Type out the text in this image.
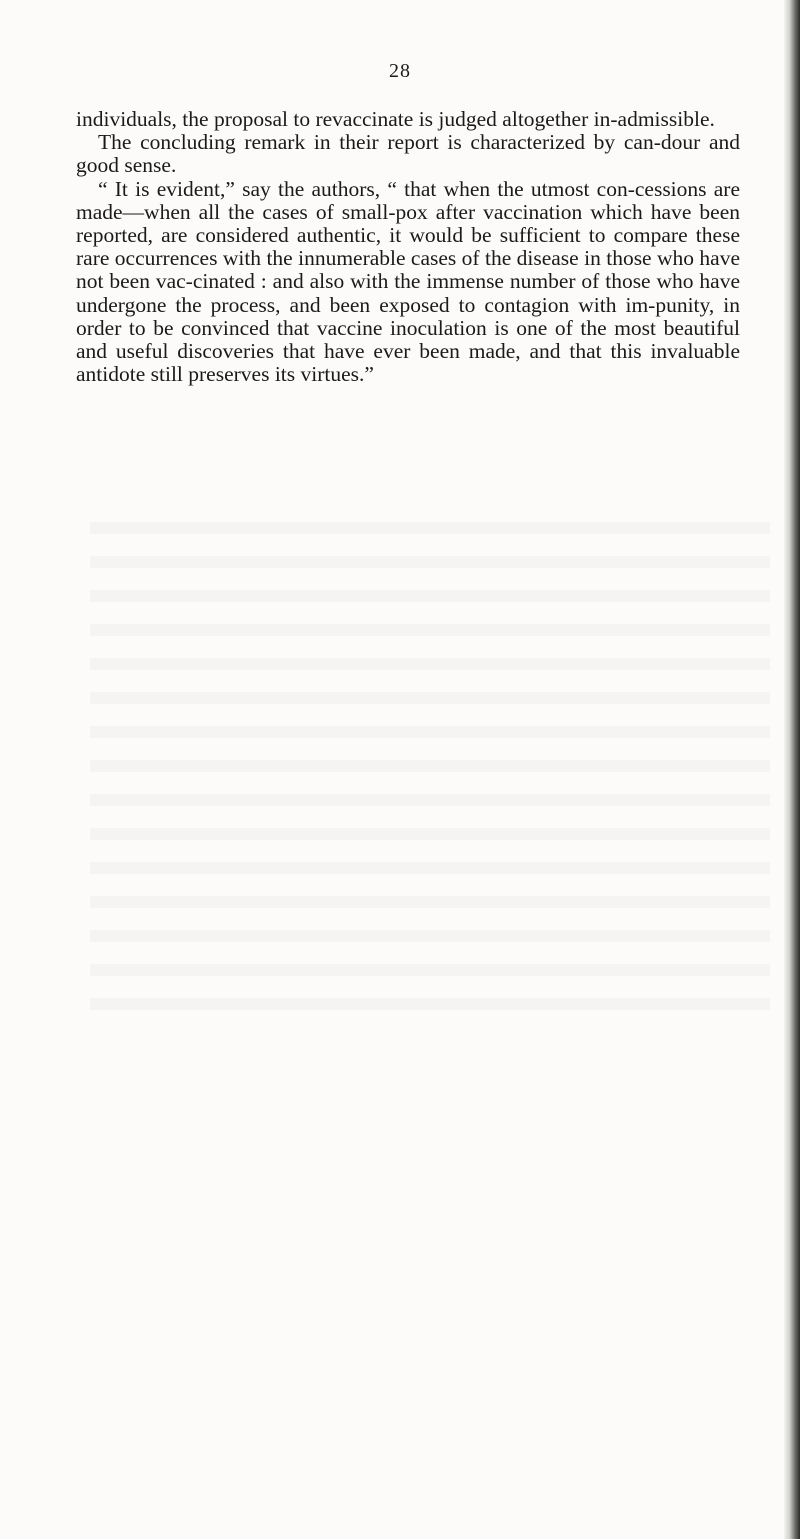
28

individuals, the proposal to revaccinate is judged altogether in-admissible.

The concluding remark in their report is characterized by can-dour and good sense.

“ It is evident,” say the authors, “ that when the utmost con-cessions are made—when all the cases of small-pox after vaccination which have been reported, are considered authentic, it would be sufficient to compare these rare occurrences with the innumerable cases of the disease in those who have not been vac-cinated : and also with the immense number of those who have undergone the process, and been exposed to contagion with im-punity, in order to be convinced that vaccine inoculation is one of the most beautiful and useful discoveries that have ever been made, and that this invaluable antidote still preserves its virtues.”
